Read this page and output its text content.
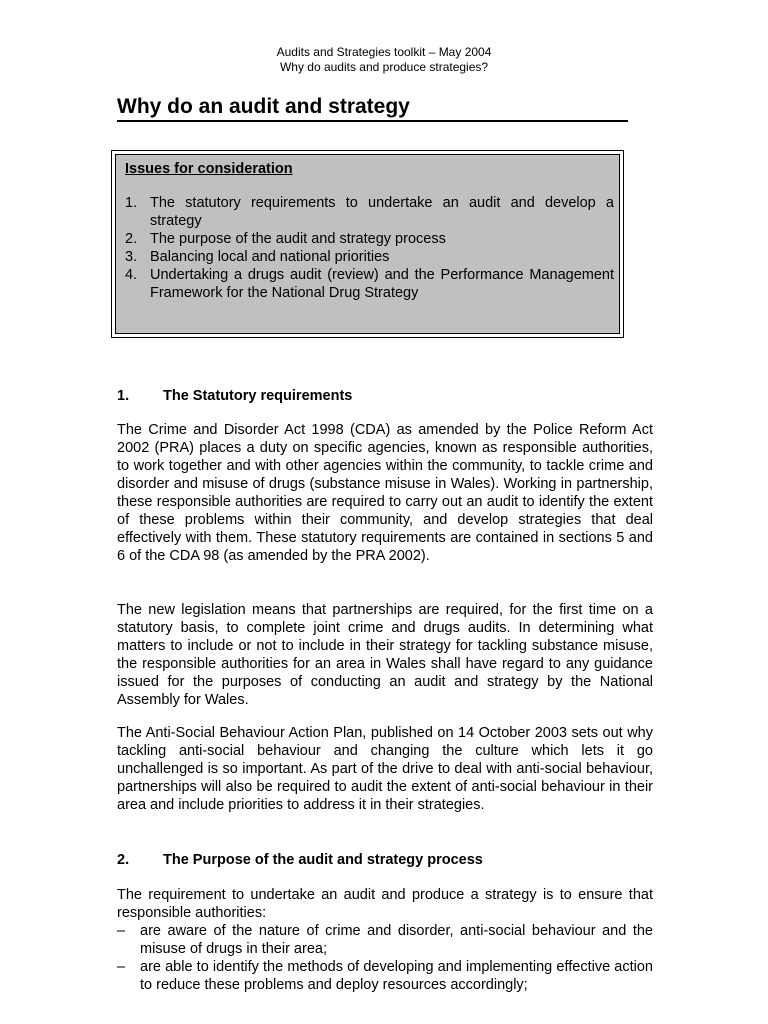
Audits and Strategies toolkit – May 2004
Why do audits and produce strategies?
Why do an audit and strategy
Issues for consideration
1. The statutory requirements to undertake an audit and develop a strategy
2. The purpose of the audit and strategy process
3. Balancing local and national priorities
4. Undertaking a drugs audit (review) and the Performance Management Framework for the National Drug Strategy
1. The Statutory requirements

The Crime and Disorder Act 1998 (CDA) as amended by the Police Reform Act 2002 (PRA) places a duty on specific agencies, known as responsible authorities, to work together and with other agencies within the community, to tackle crime and disorder and misuse of drugs (substance misuse in Wales). Working in partnership, these responsible authorities are required to carry out an audit to identify the extent of these problems within their community, and develop strategies that deal effectively with them. These statutory requirements are contained in sections 5 and 6 of the CDA 98 (as amended by the PRA 2002).

The new legislation means that partnerships are required, for the first time on a statutory basis, to complete joint crime and drugs audits. In determining what matters to include or not to include in their strategy for tackling substance misuse, the responsible authorities for an area in Wales shall have regard to any guidance issued for the purposes of conducting an audit and strategy by the National Assembly for Wales.

The Anti-Social Behaviour Action Plan, published on 14 October 2003 sets out why tackling anti-social behaviour and changing the culture which lets it go unchallenged is so important. As part of the drive to deal with anti-social behaviour, partnerships will also be required to audit the extent of anti-social behaviour in their area and include priorities to address it in their strategies.

2. The Purpose of the audit and strategy process

The requirement to undertake an audit and produce a strategy is to ensure that responsible authorities:

– are aware of the nature of crime and disorder, anti-social behaviour and the misuse of drugs in their area;
– are able to identify the methods of developing and implementing effective action to reduce these problems and deploy resources accordingly;
